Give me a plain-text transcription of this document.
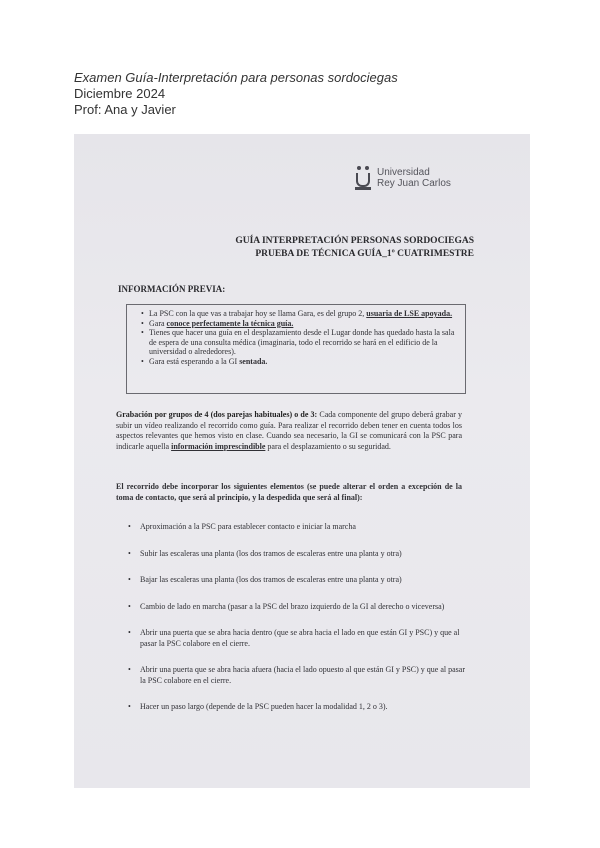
Examen Guía-Interpretación para personas sordociegas
Diciembre 2024
Prof: Ana y Javier
Universidad
Rey Juan Carlos
GUÍA INTERPRETACIÓN PERSONAS SORDOCIEGAS
PRUEBA DE TÉCNICA GUÍA_1º CUATRIMESTRE
INFORMACIÓN PREVIA:
• La PSC con la que vas a trabajar hoy se llama Gara, es del grupo 2, usuaria de LSE apoyada.
• Gara conoce perfectamente la técnica guía.
• Tienes que hacer una guía en el desplazamiento desde el Lugar donde has quedado hasta la sala de espera de una consulta médica (imaginaria, todo el recorrido se hará en el edificio de la universidad o alrededores).
• Gara está esperando a la GI sentada.
Grabación por grupos de 4 (dos parejas habituales) o de 3: Cada componente del grupo deberá grabar y subir un vídeo realizando el recorrido como guía. Para realizar el recorrido deben tener en cuenta todos los aspectos relevantes que hemos visto en clase. Cuando sea necesario, la GI se comunicará con la PSC para indicarle aquella información imprescindible para el desplazamiento o su seguridad.
El recorrido debe incorporar los siguientes elementos (se puede alterar el orden a excepción de la toma de contacto, que será al principio, y la despedida que será al final):
• Aproximación a la PSC para establecer contacto e iniciar la marcha
• Subir las escaleras una planta (los dos tramos de escaleras entre una planta y otra)
• Bajar las escaleras una planta (los dos tramos de escaleras entre una planta y otra)
• Cambio de lado en marcha (pasar a la PSC del brazo izquierdo de la GI al derecho o viceversa)
• Abrir una puerta que se abra hacia dentro (que se abra hacia el lado en que están GI y PSC) y que al pasar la PSC colabore en el cierre.
• Abrir una puerta que se abra hacia afuera (hacia el lado opuesto al que están GI y PSC) y que al pasar la PSC colabore en el cierre.
• Hacer un paso largo (depende de la PSC pueden hacer la modalidad 1, 2 o 3).
